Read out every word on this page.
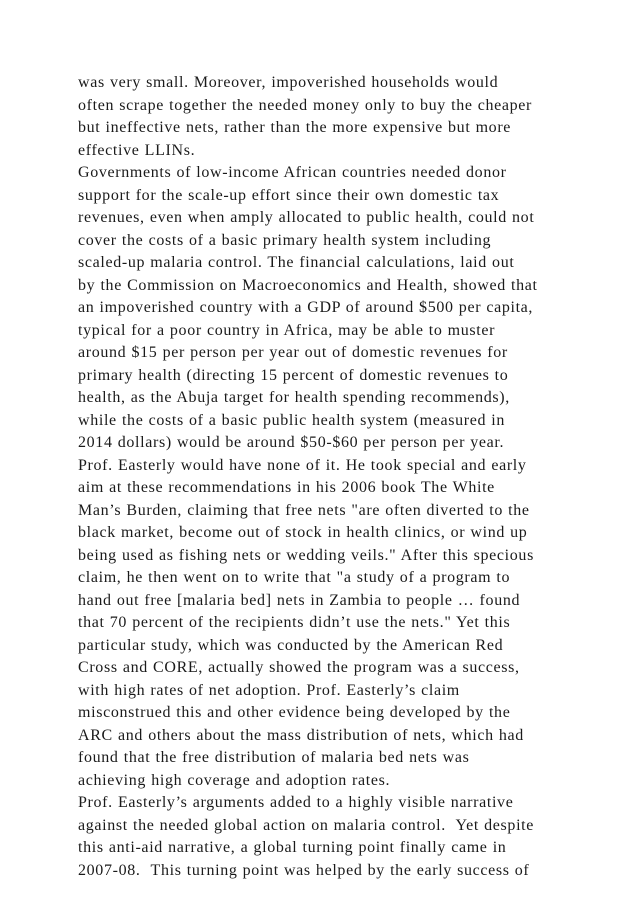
was very small. Moreover, impoverished households would
often scrape together the needed money only to buy the cheaper
but ineffective nets, rather than the more expensive but more
effective LLINs.
Governments of low-income African countries needed donor
support for the scale-up effort since their own domestic tax
revenues, even when amply allocated to public health, could not
cover the costs of a basic primary health system including
scaled-up malaria control. The financial calculations, laid out
by the Commission on Macroeconomics and Health, showed that
an impoverished country with a GDP of around $500 per capita,
typical for a poor country in Africa, may be able to muster
around $15 per person per year out of domestic revenues for
primary health (directing 15 percent of domestic revenues to
health, as the Abuja target for health spending recommends),
while the costs of a basic public health system (measured in
2014 dollars) would be around $50-$60 per person per year.
Prof. Easterly would have none of it. He took special and early
aim at these recommendations in his 2006 book The White
Man’s Burden, claiming that free nets "are often diverted to the
black market, become out of stock in health clinics, or wind up
being used as fishing nets or wedding veils." After this specious
claim, he then went on to write that "a study of a program to
hand out free [malaria bed] nets in Zambia to people … found
that 70 percent of the recipients didn’t use the nets." Yet this
particular study, which was conducted by the American Red
Cross and CORE, actually showed the program was a success,
with high rates of net adoption. Prof. Easterly’s claim
misconstrued this and other evidence being developed by the
ARC and others about the mass distribution of nets, which had
found that the free distribution of malaria bed nets was
achieving high coverage and adoption rates.
Prof. Easterly’s arguments added to a highly visible narrative
against the needed global action on malaria control.  Yet despite
this anti-aid narrative, a global turning point finally came in
2007-08.  This turning point was helped by the early success of
